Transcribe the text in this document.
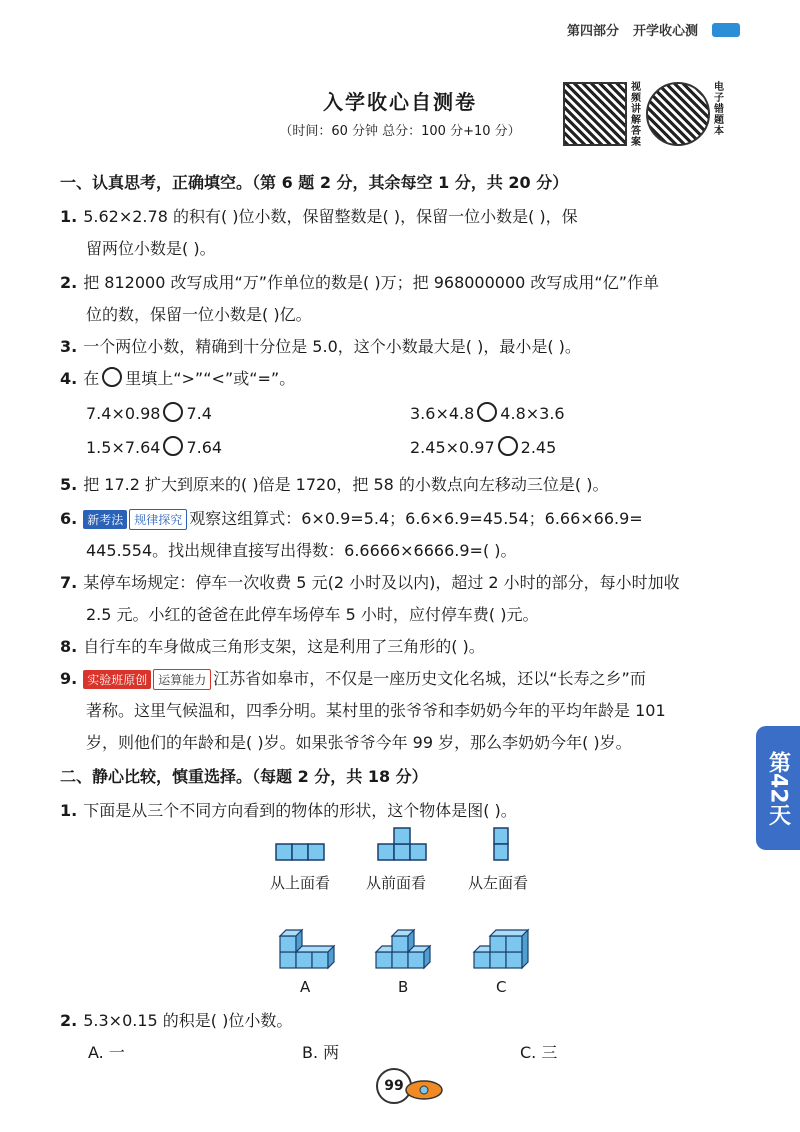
第四部分 开学收心测
入学收心自测卷
（时间：60 分钟 总分：100 分+10 分）
视频讲解答案
电子错题本
一、认真思考，正确填空。（第 6 题 2 分，其余每空 1 分，共 20 分）
1. 5.62×2.78 的积有( )位小数，保留整数是( )，保留一位小数是( )，保
留两位小数是( )。
2. 把 812000 改写成用“万”作单位的数是( )万；把 968000000 改写成用“亿”作单
位的数，保留一位小数是( )亿。
3. 一个两位小数，精确到十分位是 5.0，这个小数最大是( )，最小是( )。
4. 在 里填上“>”“<”或“=”。
7.4×0.98 7.4	3.6×4.8 4.8×3.6
1.5×7.64 7.64	2.45×0.97 2.45
5. 把 17.2 扩大到原来的( )倍是 1720，把 58 的小数点向左移动三位是( )。
6. 新考法 规律探究 观察这组算式：6×0.9=5.4；6.6×6.9=45.54；6.66×66.9=
445.554。找出规律直接写出得数：6.6666×6666.9=( )。
7. 某停车场规定：停车一次收费 5 元(2 小时及以内)，超过 2 小时的部分，每小时加收
2.5 元。小红的爸爸在此停车场停车 5 小时，应付停车费( )元。
8. 自行车的车身做成三角形支架，这是利用了三角形的( )。
9. 实验班原创 运算能力 江苏省如皋市，不仅是一座历史文化名城，还以“长寿之乡”而
著称。这里气候温和，四季分明。某村里的张爷爷和李奶奶今年的平均年龄是 101
岁，则他们的年龄和是( )岁。如果张爷爷今年 99 岁，那么李奶奶今年( )岁。
二、静心比较，慎重选择。（每题 2 分，共 18 分）
1. 下面是从三个不同方向看到的物体的形状，这个物体是图( )。
从上面看 从前面看	从左面看
A	B	C
2. 5.3×0.15 的积是( )位小数。
A. 一	B. 两	C. 三
第42天
99
